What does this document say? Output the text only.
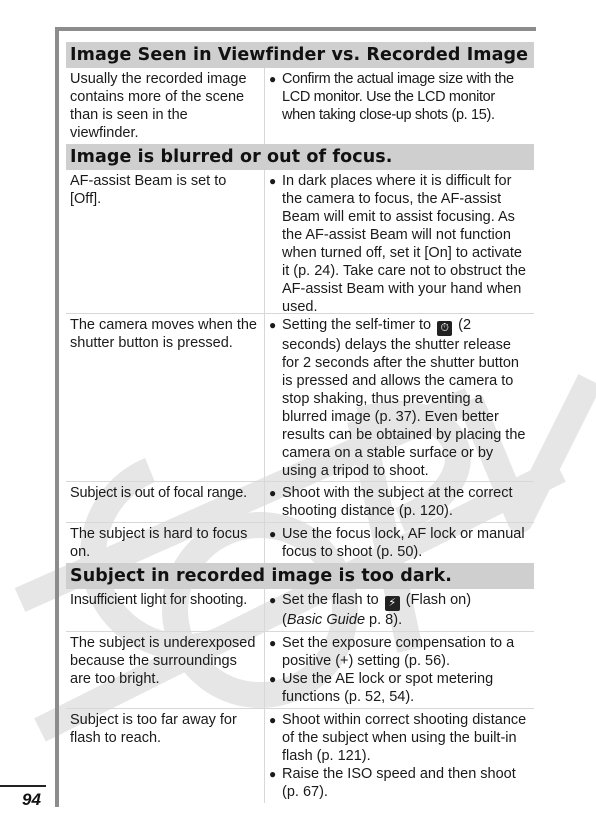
Image Seen in Viewfinder vs. Recorded Image
Usually the recorded image contains more of the scene than is seen in the viewfinder.
● Confirm the actual image size with the LCD monitor. Use the LCD monitor when taking close-up shots (p. 15).
Image is blurred or out of focus.
AF-assist Beam is set to [Off].
● In dark places where it is difficult for the camera to focus, the AF-assist Beam will emit to assist focusing. As the AF-assist Beam will not function when turned off, set it [On] to activate it (p. 24). Take care not to obstruct the AF-assist Beam with your hand when used.
The camera moves when the shutter button is pressed.
● Setting the self-timer to ⏱ (2 seconds) delays the shutter release for 2 seconds after the shutter button is pressed and allows the camera to stop shaking, thus preventing a blurred image (p. 37). Even better results can be obtained by placing the camera on a stable surface or by using a tripod to shoot.
Subject is out of focal range.	● Shoot with the subject at the correct shooting distance (p. 120).
The subject is hard to focus on.
● Use the focus lock, AF lock or manual focus to shoot (p. 50).
Subject in recorded image is too dark.
Insufficient light for shooting.	● Set the flash to ⚡ (Flash on)
(Basic Guide p. 8).
The subject is underexposed because the surroundings are too bright.
● Set the exposure compensation to a positive (+) setting (p. 56).
● Use the AE lock or spot metering functions (p. 52, 54).
Subject is too far away for flash to reach.
● Shoot within correct shooting distance of the subject when using the built-in flash (p. 121).
● Raise the ISO speed and then shoot (p. 67).
94
